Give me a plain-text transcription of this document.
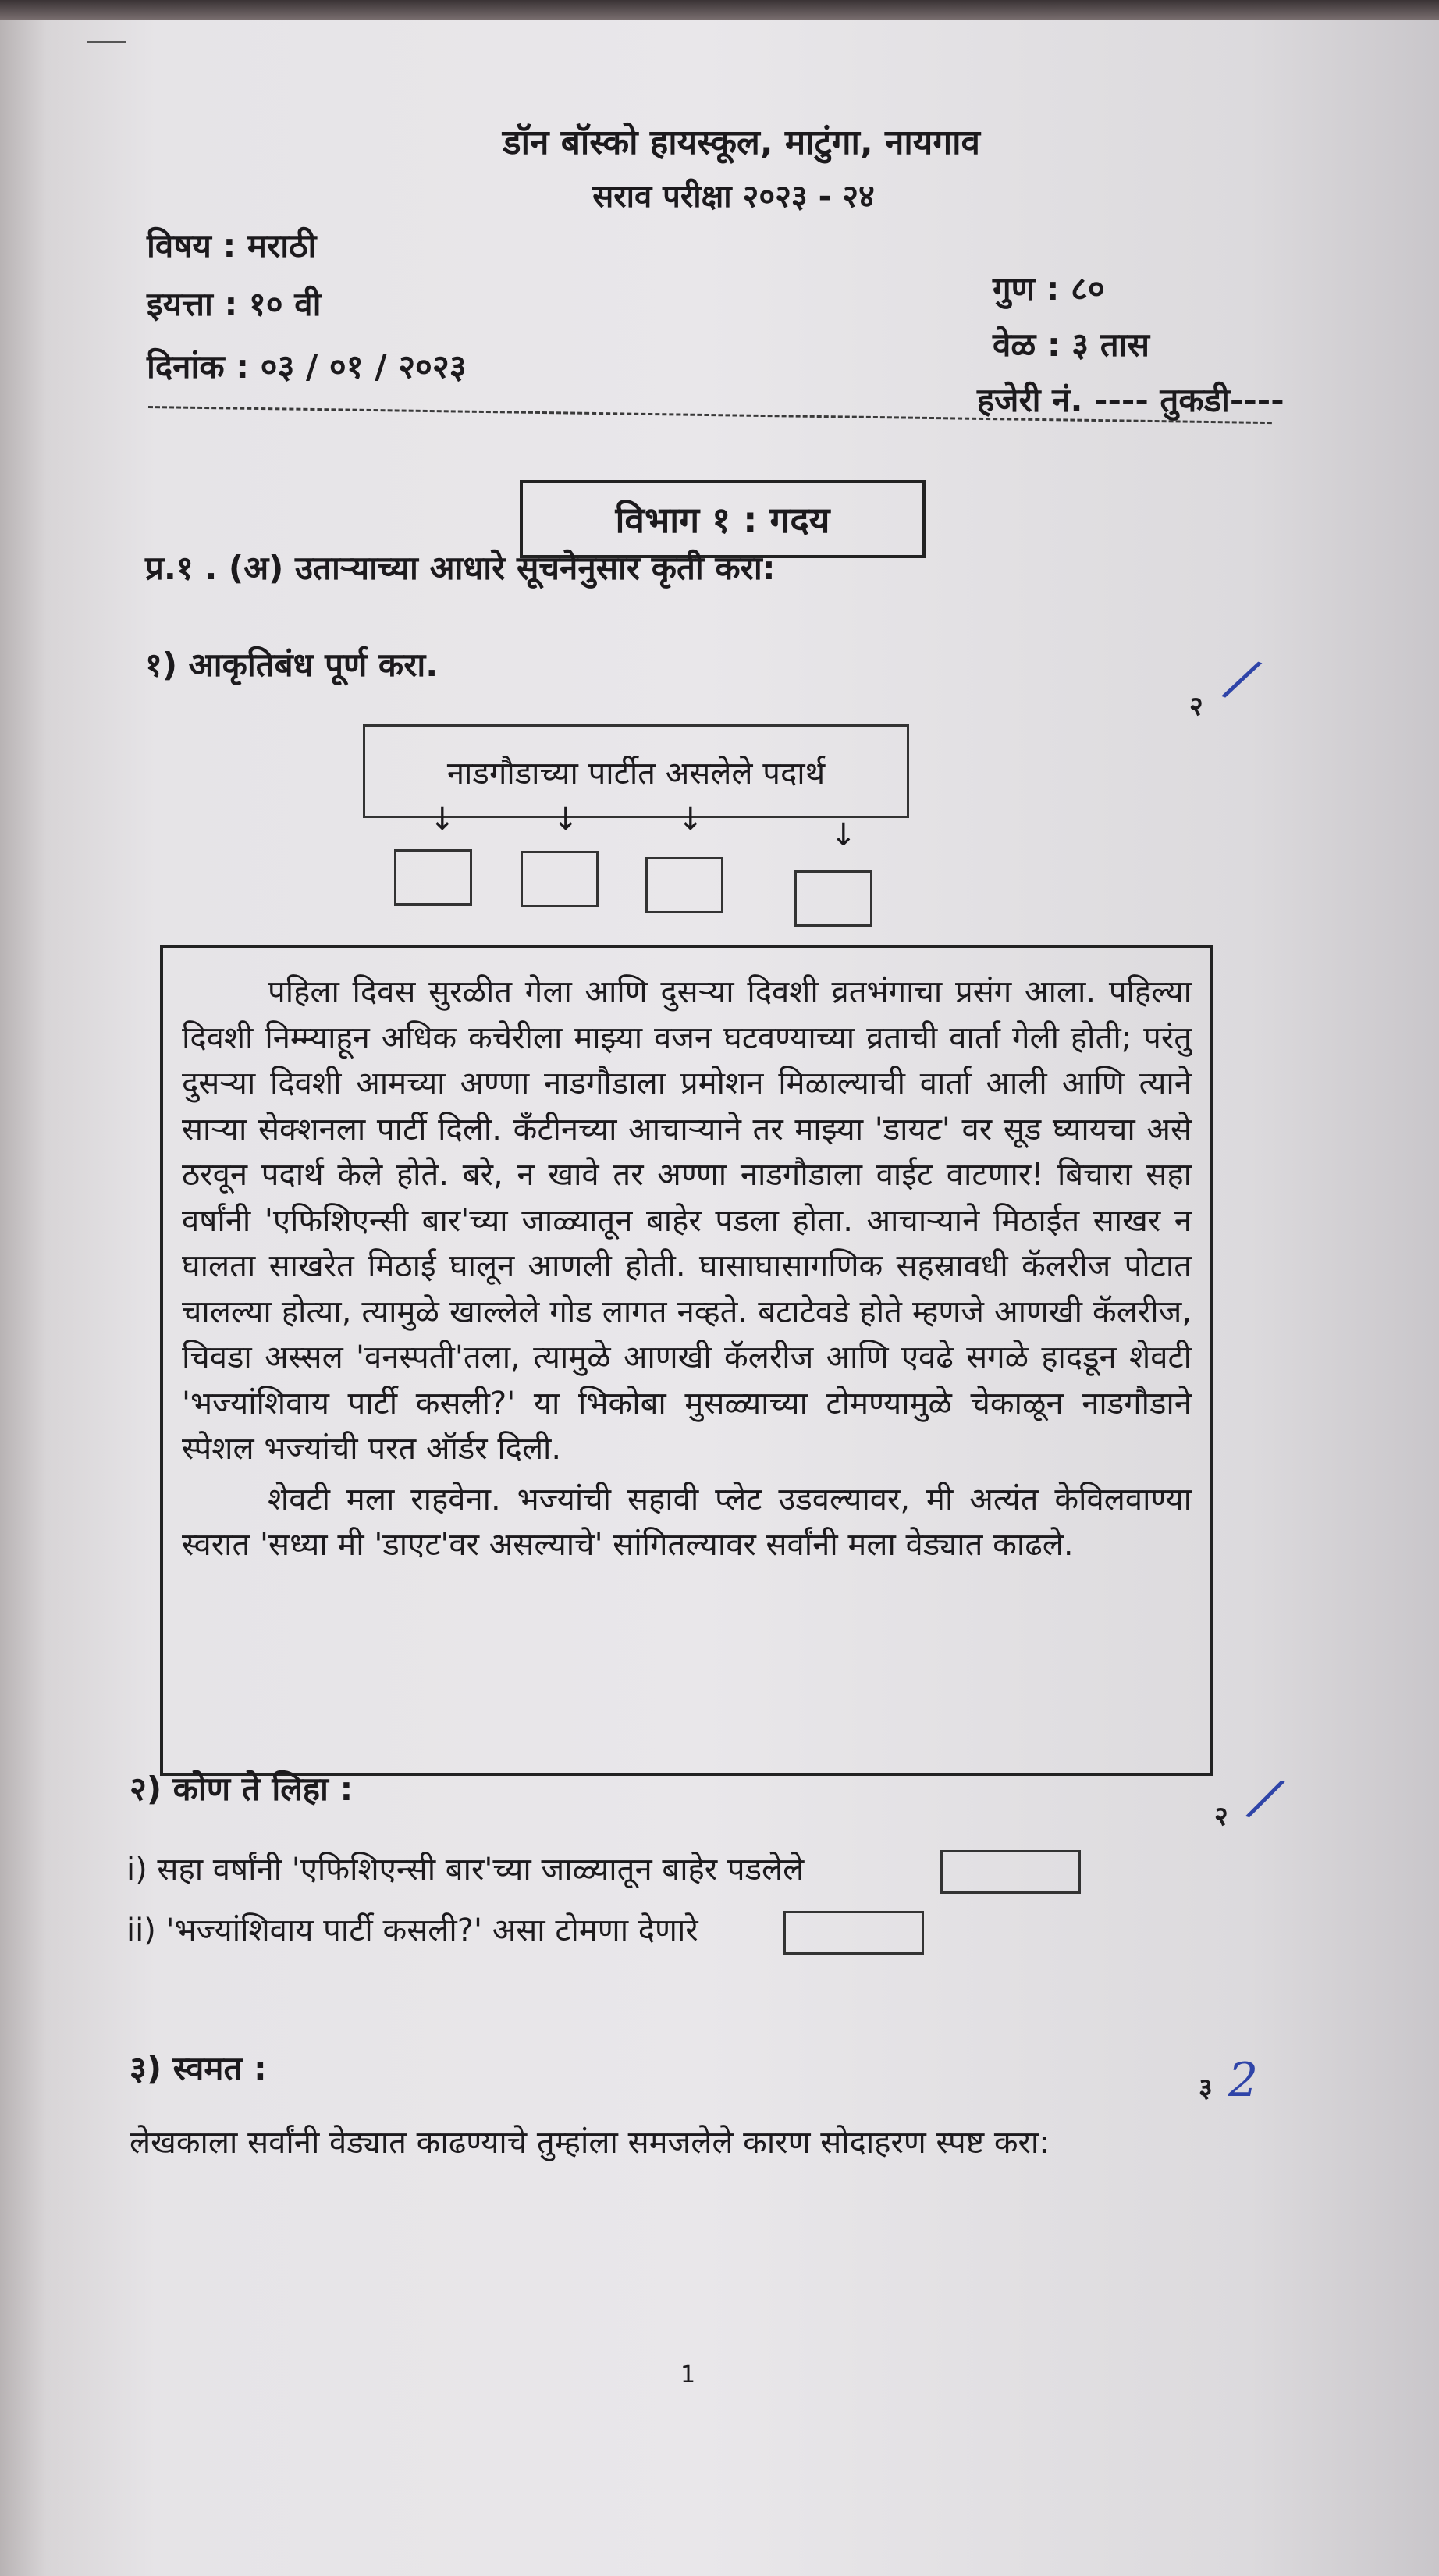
डॉन बॉस्को हायस्कूल, माटुंगा, नायगाव
सराव परीक्षा २०२३ - २४
विषय : मराठी
इयत्ता : १० वी
दिनांक : ०३ / ०१ / २०२३
गुण : ८०
वेळ : ३ तास
हजेरी नं. ---- तुकडी----
विभाग १ : गदय
प्र.१ . (अ) उताऱ्याच्या आधारे सूचनेनुसार कृती करा:
१) आकृतिबंध पूर्ण करा.
२ /
नाडगौडाच्या पार्टीत असलेले पदार्थ
↓	↓	↓	↓

पहिला दिवस सुरळीत गेला आणि दुसऱ्या दिवशी व्रतभंगाचा प्रसंग आला. पहिल्या दिवशी निम्म्याहून अधिक कचेरीला माझ्या वजन घटवण्याच्या व्रताची वार्ता गेली होती; परंतु दुसऱ्या दिवशी आमच्या अण्णा नाडगौडाला प्रमोशन मिळाल्याची वार्ता आली आणि त्याने साऱ्या सेक्शनला पार्टी दिली. कँटीनच्या आचाऱ्याने तर माझ्या 'डायट' वर सूड घ्यायचा असे ठरवून पदार्थ केले होते. बरे, न खावे तर अण्णा नाडगौडाला वाईट वाटणार! बिचारा सहा वर्षांनी 'एफिशिएन्सी बार'च्या जाळ्यातून बाहेर पडला होता. आचाऱ्याने मिठाईत साखर न घालता साखरेत मिठाई घालून आणली होती. घासाघासागणिक सहस्रावधी कॅलरीज पोटात चालल्या होत्या, त्यामुळे खाल्लेले गोड लागत नव्हते. बटाटेवडे होते म्हणजे आणखी कॅलरीज, चिवडा अस्सल 'वनस्पती'तला, त्यामुळे आणखी कॅलरीज आणि एवढे सगळे हादडून शेवटी 'भज्यांशिवाय पार्टी कसली?' या भिकोबा मुसळ्याच्या टोमण्यामुळे चेकाळून नाडगौडाने स्पेशल भज्यांची परत ऑर्डर दिली.

शेवटी मला राहवेना. भज्यांची सहावी प्लेट उडवल्यावर, मी अत्यंत केविलवाण्या स्वरात 'सध्या मी 'डाएट'वर असल्याचे' सांगितल्यावर सर्वांनी मला वेड्यात काढले.

२) कोण ते लिहा :
२ /
i) सहा वर्षांनी 'एफिशिएन्सी बार'च्या जाळ्यातून बाहेर पडलेले
ii) 'भज्यांशिवाय पार्टी कसली?' असा टोमणा देणारे
३) स्वमत :
३ 2
लेखकाला सर्वांनी वेड्यात काढण्याचे तुम्हांला समजलेले कारण सोदाहरण स्पष्ट करा:
1
